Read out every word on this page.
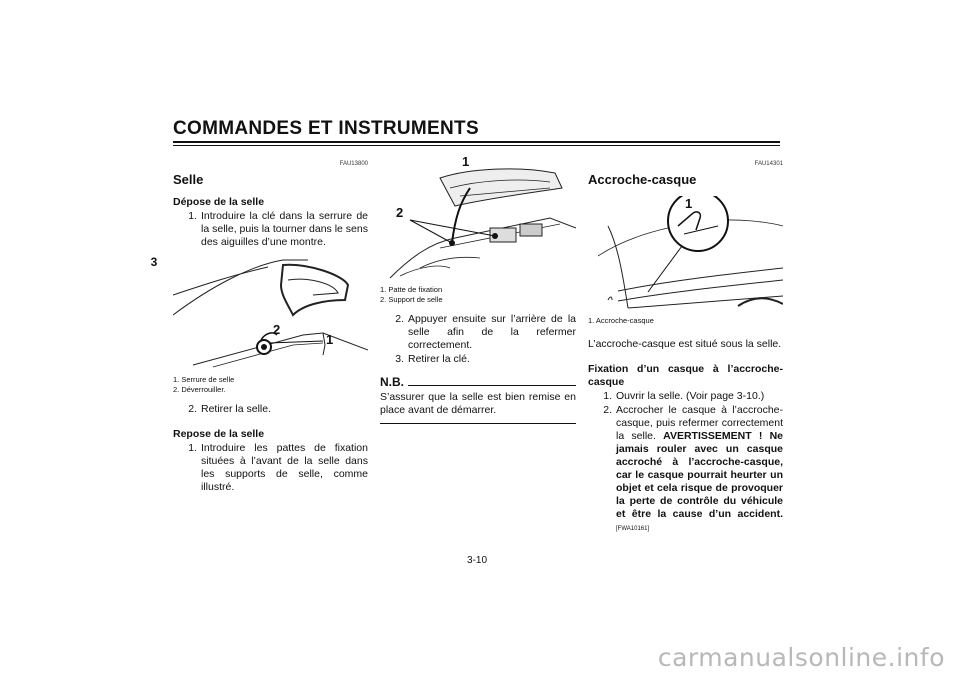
COMMANDES ET INSTRUMENTS
3
FAU13800
Selle
Dépose de la selle
1. Introduire la clé dans la serrure de la selle, puis la tourner dans le sens des aiguilles d’une montre.
2
1
1. Serrure de selle
2. Déverrouiller.
2. Retirer la selle.
Repose de la selle
1. Introduire les pattes de fixation situées à l’avant de la selle dans les supports de selle, comme illustré.
1
2
1. Patte de fixation
2. Support de selle
2. Appuyer ensuite sur l’arrière de la selle afin de la refermer correctement.
3. Retirer la clé.
N.B.
S’assurer que la selle est bien remise en place avant de démarrer.
FAU14301
Accroche-casque
1
1. Accroche-casque
L’accroche-casque est situé sous la selle.
Fixation d’un casque à l’accroche-casque
1. Ouvrir la selle. (Voir page 3-10.)
2. Accrocher le casque à l’accroche-casque, puis refermer correctement la selle. AVERTISSEMENT ! Ne jamais rouler avec un casque accroché à l’accroche-casque, car le casque pourrait heurter un objet et cela risque de provoquer la perte de contrôle du véhicule et être la cause d’un accident. [FWA10161]
3-10
carmanualsonline.info
